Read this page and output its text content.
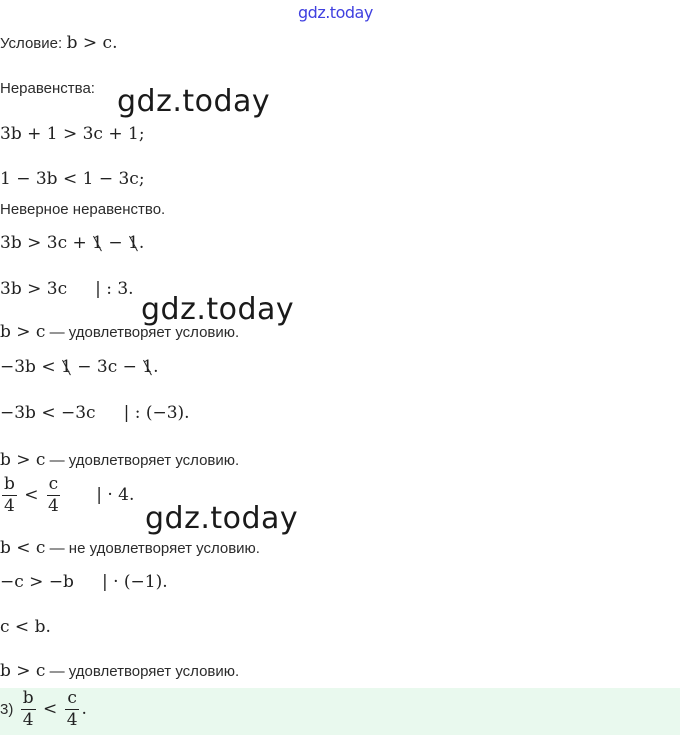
gdz.today
Условие: b > c.
Неравенства: gdz.today
3b + 1 > 3c + 1;
1 − 3b < 1 − 3c;
Неверное неравенство.
3b > 3c + 1 − 1.
3b > 3c | : 3.
gdz.today
b > c — удовлетворяет условию.
−3b < 1 − 3c − 1.
−3b < −3c | : (−3).
b > c — удовлетворяет условию.
$\frac{b}{4} < \frac{c}{4}$ | · 4.
gdz.today
b < c — не удовлетворяет условию.
−c > −b | · (−1).
c < b.
b > c — удовлетворяет условию.
$3) \frac{b}{4} < \frac{c}{4}$ .
